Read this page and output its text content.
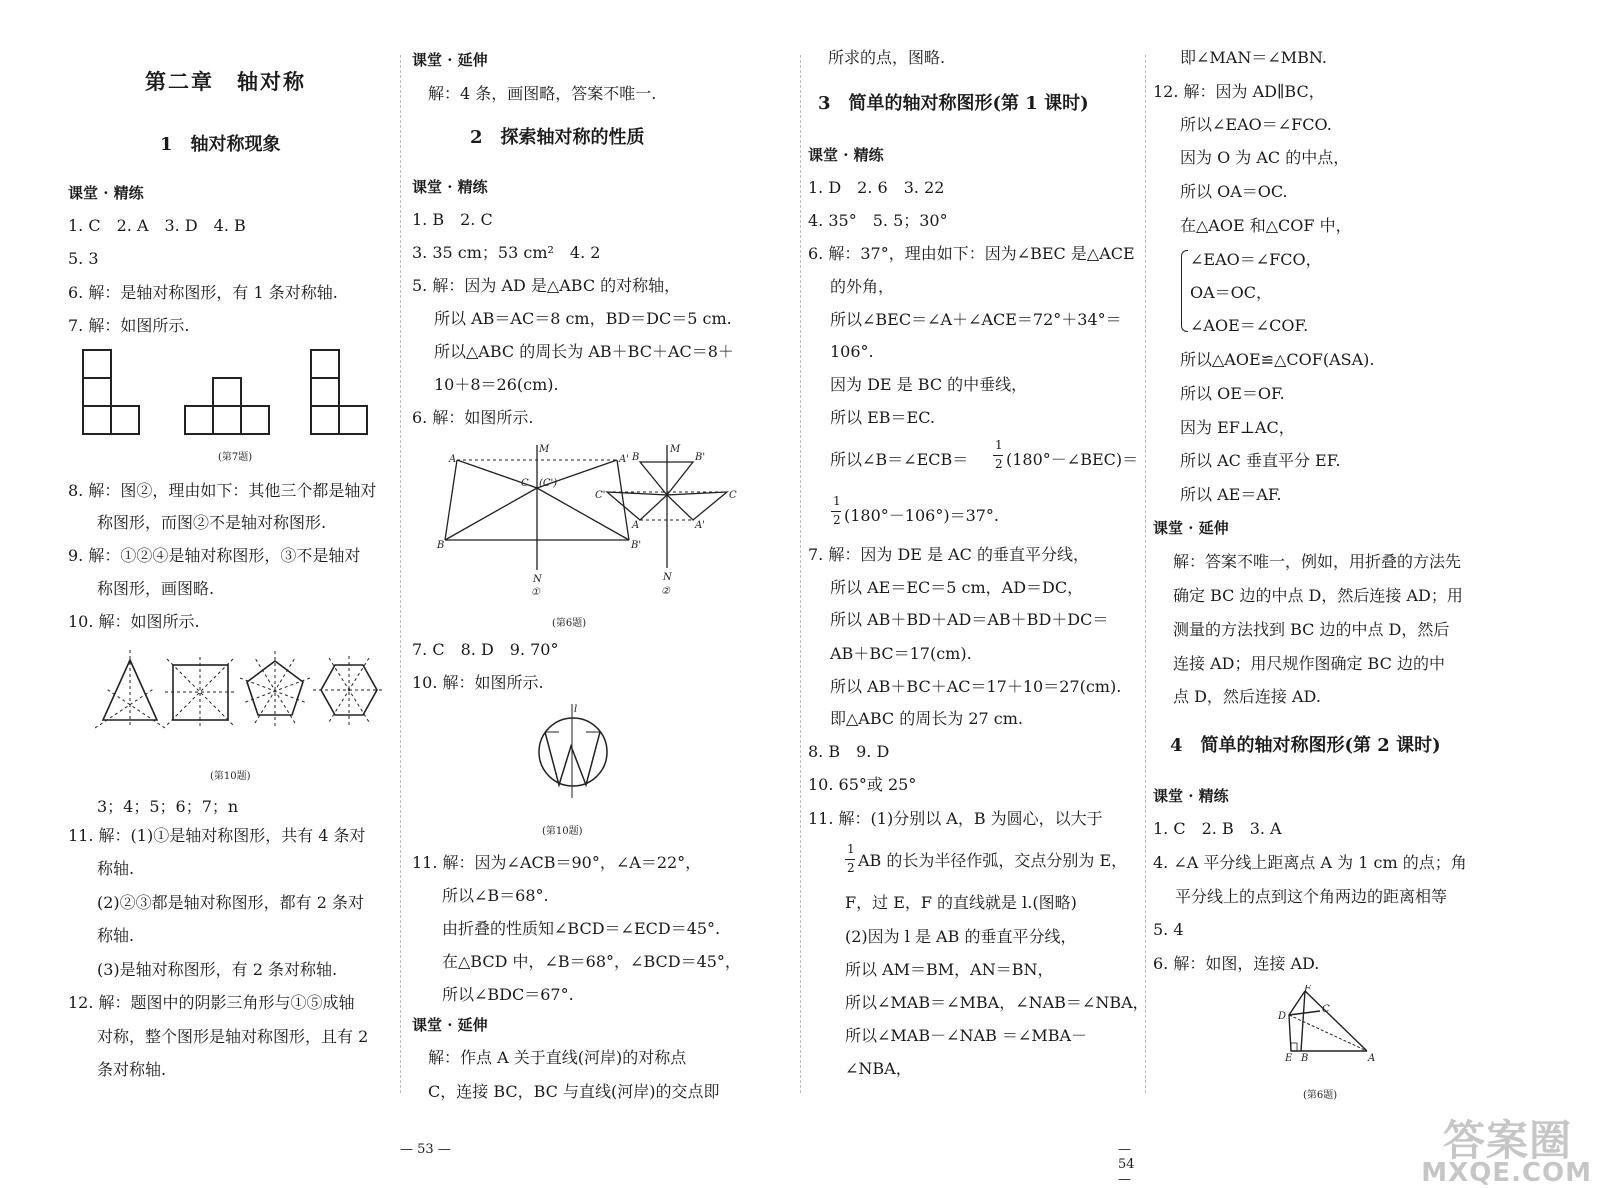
第二章　轴对称
1　轴对称现象
课堂 · 精练
1. C　2. A　3. D　4. B
5. 3
6. 解：是轴对称图形，有 1 条对称轴.
7. 解：如图所示.
(第7题)
8. 解：图②，理由如下：其他三个都是轴对
称图形，而图②不是轴对称图形.
9. 解：①②④是轴对称图形，③不是轴对
称图形，画图略.
10. 解：如图所示.
(第10题)
3；4；5；6；7；n
11. 解：(1)①是轴对称图形，共有 4 条对
称轴.
(2)②③都是轴对称图形，都有 2 条对
称轴.
(3)是轴对称图形，有 2 条对称轴.
12. 解：题图中的阴影三角形与①⑤成轴
对称，整个图形是轴对称图形，且有 2
条对称轴.
课堂 · 延伸
解：4 条，画图略，答案不唯一.
2　探索轴对称的性质
课堂 · 精练
1. B　2. C
3. 35 cm；53 cm²　4. 2
5. 解：因为 AD 是△ABC 的对称轴，
所以 AB＝AC＝8 cm，BD＝DC＝5 cm.
所以△ABC 的周长为 AB＋BC＋AC＝8＋
10＋8＝26(cm).
6. 解：如图所示.
A
M
A'
C (C')
B	B'
N
①
B
M
B'
C'	C
A	A'
N
②
(第6题)
7. C　8. D　9. 70°
10. 解：如图所示.
l
(第10题)
11. 解：因为∠ACB＝90°，∠A＝22°，
所以∠B＝68°.
由折叠的性质知∠BCD＝∠ECD＝45°.
在△BCD 中，∠B＝68°，∠BCD＝45°，
所以∠BDC＝67°.
课堂 · 延伸
解：作点 A 关于直线(河岸)的对称点
C，连接 BC，BC 与直线(河岸)的交点即
— 53 —
所求的点，图略.
3　简单的轴对称图形(第 1 课时)
课堂 · 精练
1. D　2. 6　3. 22
4. 35°　5. 5；30°
6. 解：37°，理由如下：因为∠BEC 是△ACE
的外角，
所以∠BEC＝∠A＋∠ACE＝72°＋34°＝
106°.
因为 DE 是 BC 的中垂线，
所以 EB＝EC.
所以∠B＝∠ECB＝
1
2 (180°－∠BEC)＝
1
2 (180°－106°)＝37°.
7. 解：因为 DE 是 AC 的垂直平分线，
所以 AE＝EC＝5 cm，AD＝DC，
所以 AB＋BD＋AD＝AB＋BD＋DC＝
AB＋BC＝17(cm).
所以 AB＋BC＋AC＝17＋10＝27(cm).
即△ABC 的周长为 27 cm.
8. B　9. D
10. 65°或 25°
11. 解：(1)分别以 A，B 为圆心，以大于
1
2 AB 的长为半径作弧，交点分别为 E，
F，过 E，F 的直线就是 l.(图略)
(2)因为 l 是 AB 的垂直平分线，
所以 AM＝BM，AN＝BN，
所以∠MAB＝∠MBA，∠NAB＝∠NBA，
所以∠MAB－∠NAB ＝∠MBA－
∠NBA，
— 54 —
即∠MAN＝∠MBN.
12. 解：因为 AD∥BC，
所以∠EAO＝∠FCO.
因为 O 为 AC 的中点，
所以 OA＝OC.
在△AOE 和△COF 中，
∠EAO＝∠FCO，
OA＝OC，
∠AOE＝∠COF.
所以△AOE≌△COF(ASA).
所以 OE＝OF.
因为 EF⊥AC，
所以 AC 垂直平分 EF.
所以 AE＝AF.
课堂 · 延伸
解：答案不唯一，例如，用折叠的方法先
确定 BC 边的中点 D，然后连接 AD；用
测量的方法找到 BC 边的中点 D，然后
连接 AD；用尺规作图确定 BC 边的中
点 D，然后连接 AD.
4　简单的轴对称图形(第 2 课时)
课堂 · 精练
1. C　2. B　3. A
4. ∠A 平分线上距离点 A 为 1 cm 的点；角
平分线上的点到这个角两边的距离相等
5. 4
6. 解：如图，连接 AD.
F
C
D
E B	A
(第6题)
答案圈
MXQE.COM
